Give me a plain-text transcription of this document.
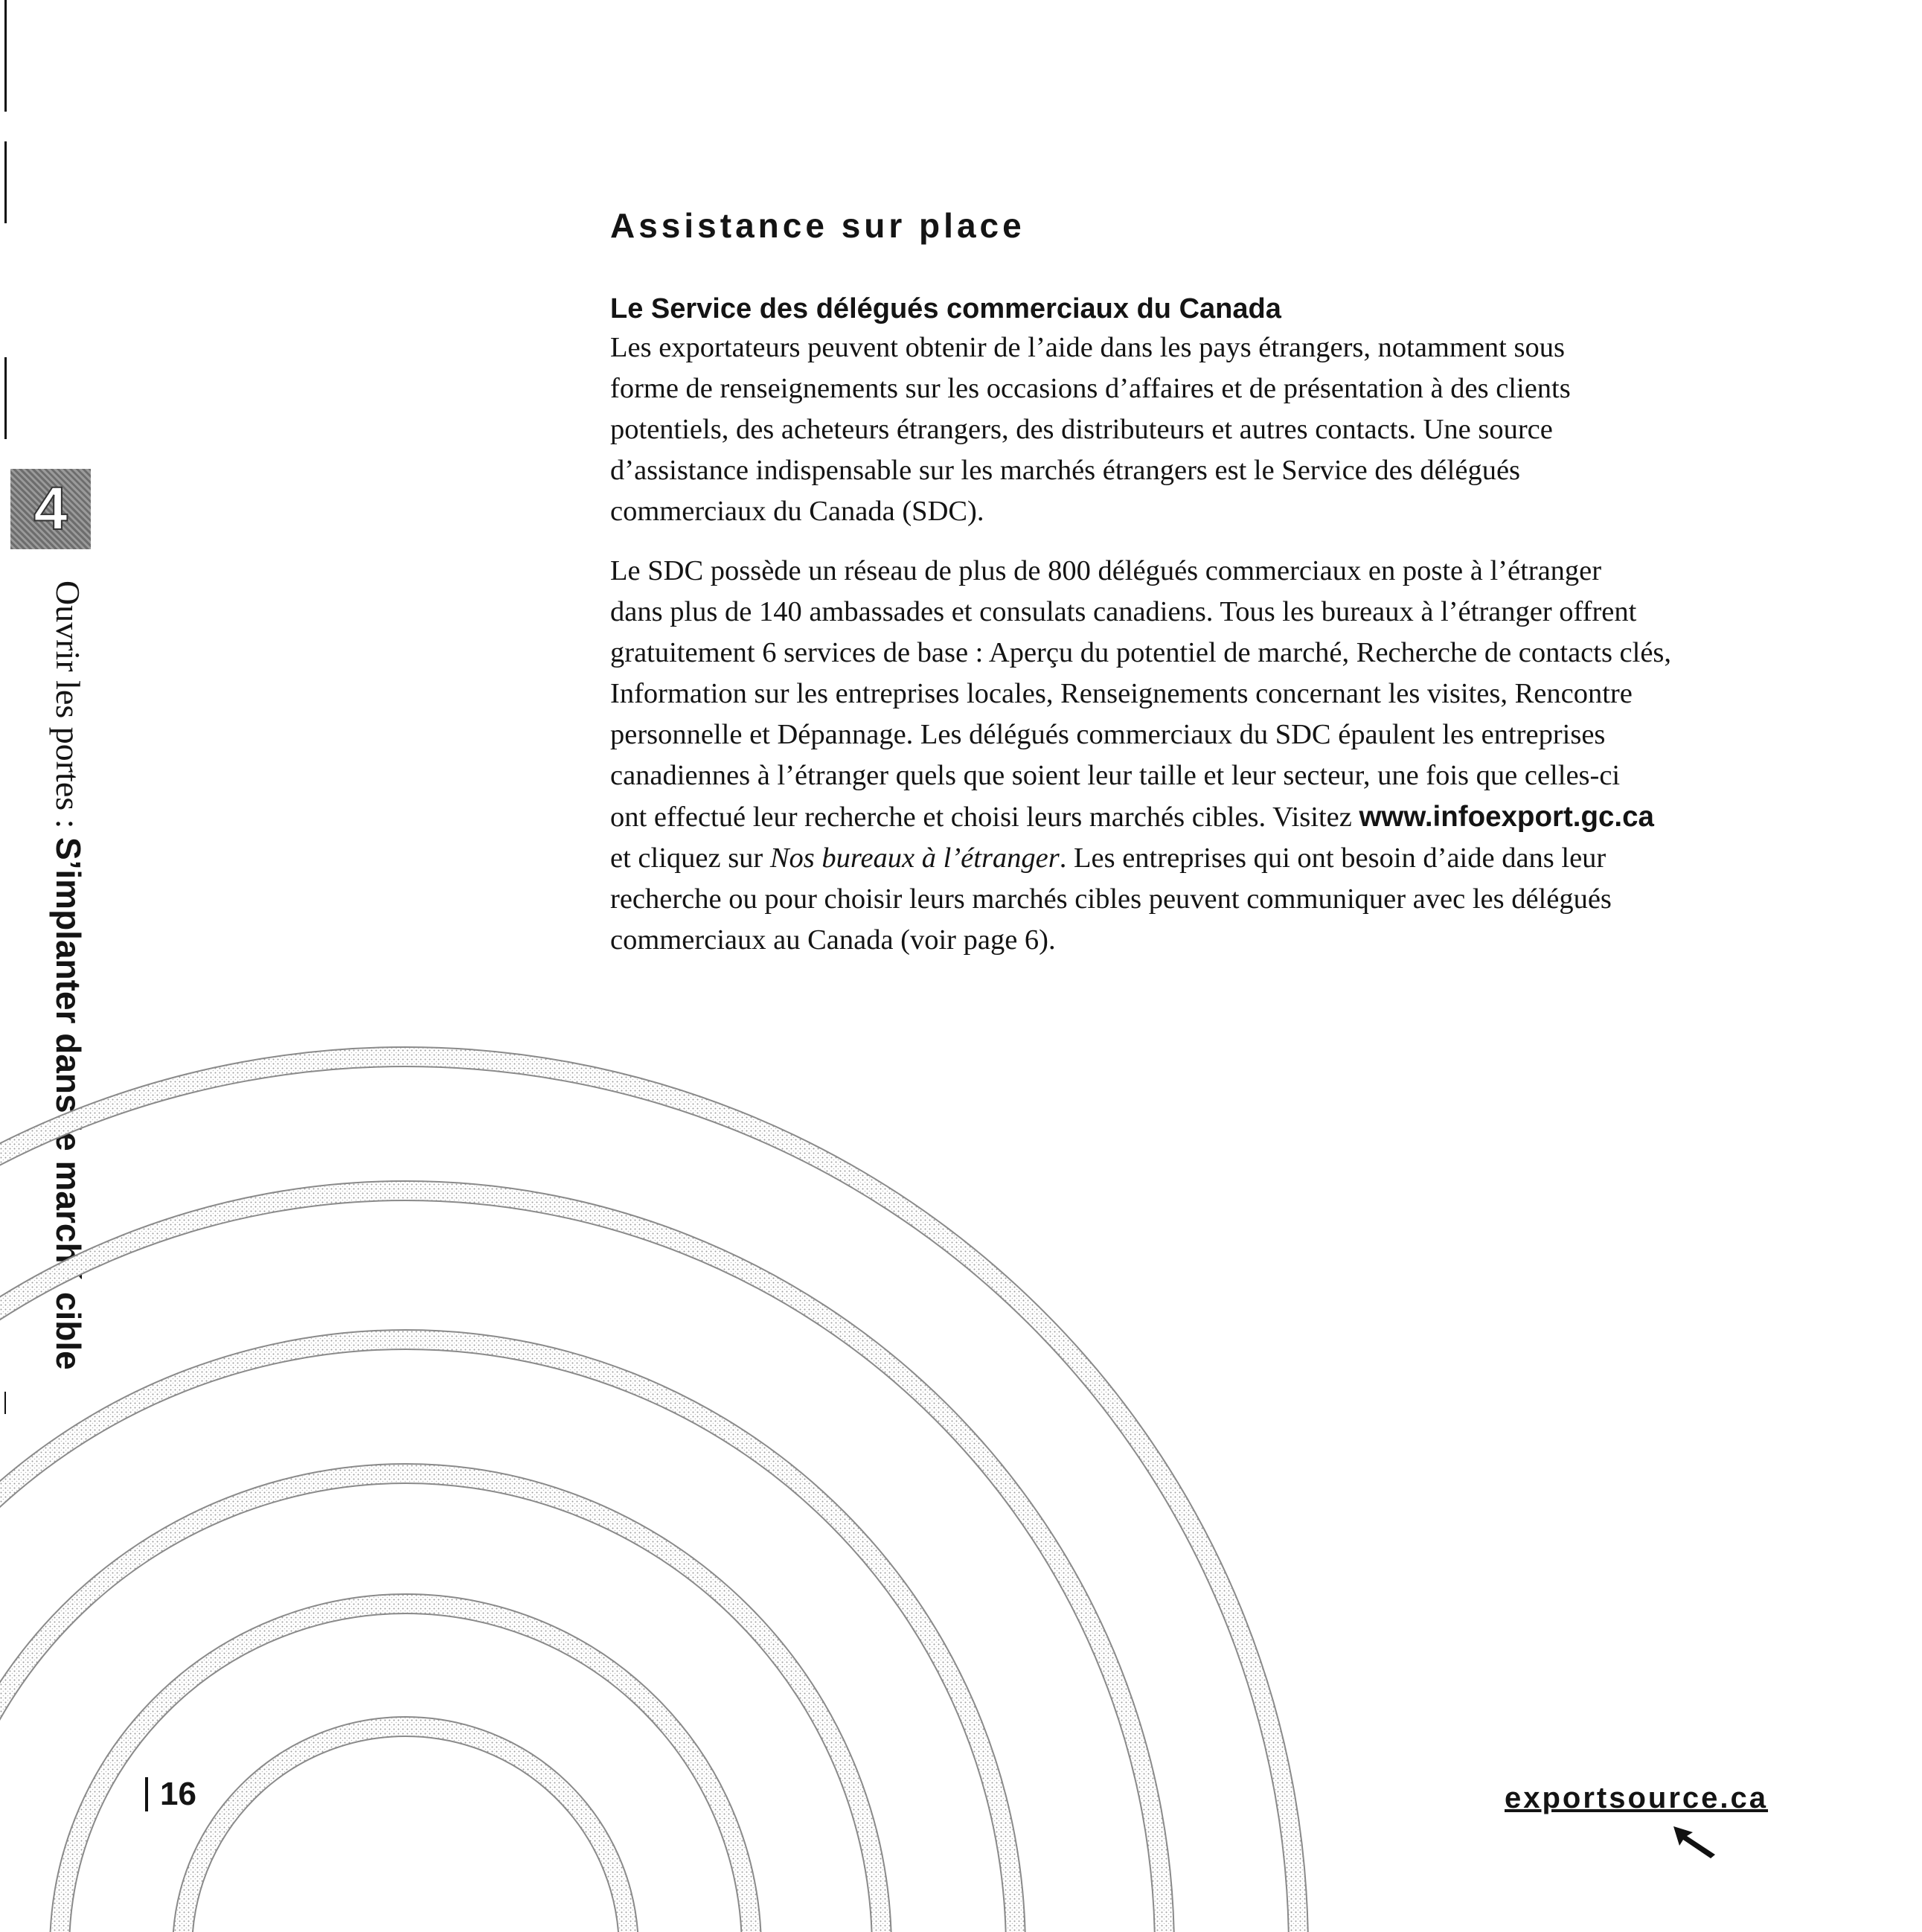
4
Ouvrir les portes : S’implanter dans le marché cible
Assistance sur place
Le Service des délégués commerciaux du Canada
Les exportateurs peuvent obtenir de l’aide dans les pays étrangers, notamment sous
forme de renseignements sur les occasions d’affaires et de présentation à des clients
potentiels, des acheteurs étrangers, des distributeurs et autres contacts. Une source
d’assistance indispensable sur les marchés étrangers est le Service des délégués
commerciaux du Canada (SDC).
Le SDC possède un réseau de plus de 800 délégués commerciaux en poste à l’étranger
dans plus de 140 ambassades et consulats canadiens. Tous les bureaux à l’étranger offrent
gratuitement 6 services de base : Aperçu du potentiel de marché, Recherche de contacts clés,
Information sur les entreprises locales, Renseignements concernant les visites, Rencontre
personnelle et Dépannage. Les délégués commerciaux du SDC épaulent les entreprises
canadiennes à l’étranger quels que soient leur taille et leur secteur, une fois que celles-ci
ont effectué leur recherche et choisi leurs marchés cibles. Visitez www.infoexport.gc.ca
et cliquez sur Nos bureaux à l’étranger. Les entreprises qui ont besoin d’aide dans leur
recherche ou pour choisir leurs marchés cibles peuvent communiquer avec les délégués
commerciaux au Canada (voir page 6).
16	exportsource.ca
